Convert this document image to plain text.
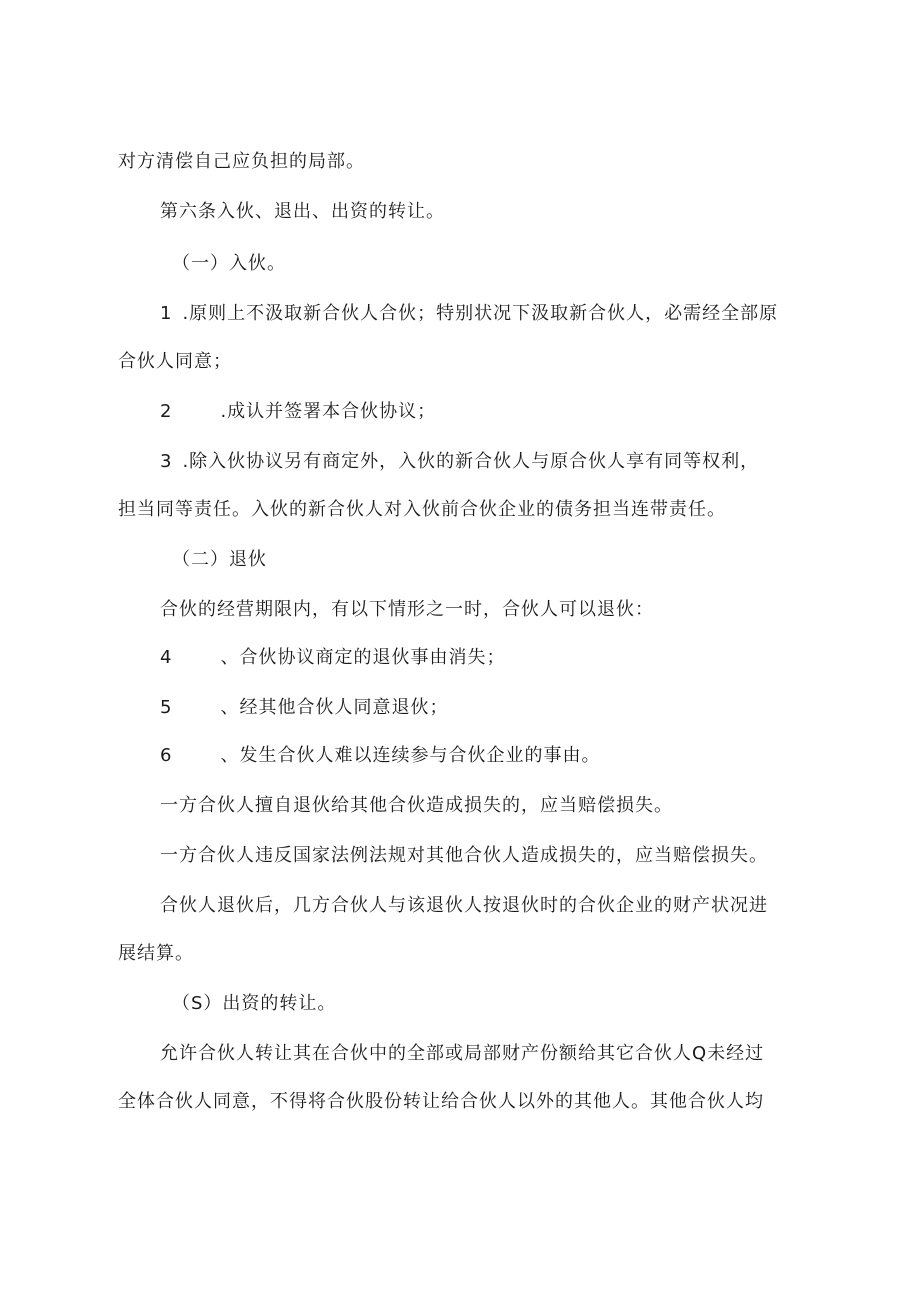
对方清偿自己应负担的局部。
第六条入伙、退出、出资的转让。
（一）入伙。
1 .原则上不汲取新合伙人合伙；特别状况下汲取新合伙人，必需经全部原
合伙人同意；
2	.成认并签署本合伙协议；
3 .除入伙协议另有商定外，入伙的新合伙人与原合伙人享有同等权利，
担当同等责任。入伙的新合伙人对入伙前合伙企业的债务担当连带责任。
（二）退伙
合伙的经营期限内，有以下情形之一时，合伙人可以退伙：
4	、合伙协议商定的退伙事由消失；
5	、经其他合伙人同意退伙；
6	、发生合伙人难以连续参与合伙企业的事由。
一方合伙人擅自退伙给其他合伙造成损失的，应当赔偿损失。
一方合伙人违反国家法例法规对其他合伙人造成损失的，应当赔偿损失。
合伙人退伙后，几方合伙人与该退伙人按退伙时的合伙企业的财产状况进
展结算。
（S）出资的转让。
允许合伙人转让其在合伙中的全部或局部财产份额给其它合伙人Q未经过
全体合伙人同意，不得将合伙股份转让给合伙人以外的其他人。其他合伙人均
